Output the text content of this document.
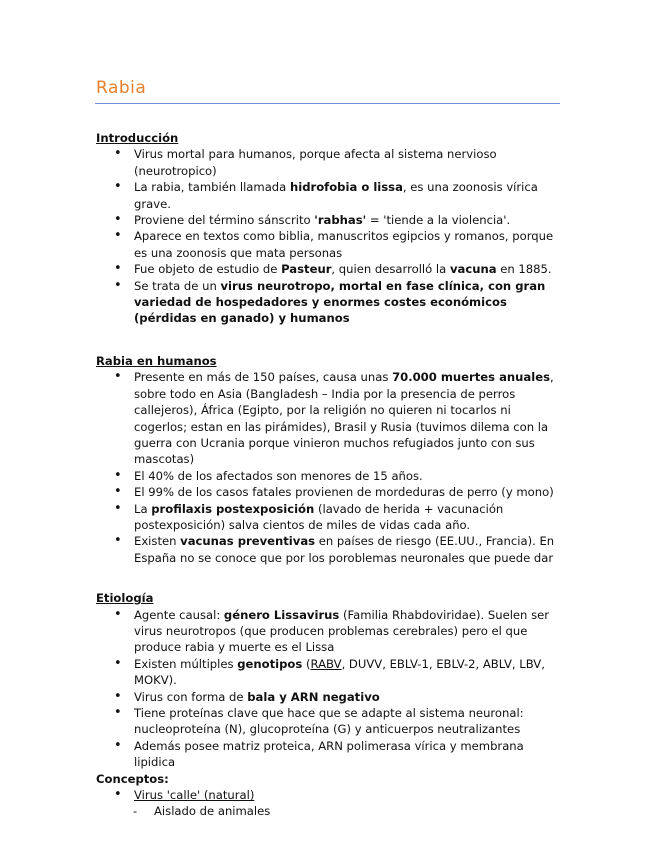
Rabia

Introducción

• Virus mortal para humanos, porque afecta al sistema nervioso (neurotropico)
• La rabia, también llamada hidrofobia o lissa, es una zoonosis vírica grave.
• Proviene del término sánscrito 'rabhas' = 'tiende a la violencia'.
• Aparece en textos como biblia, manuscritos egipcios y romanos, porque es una zoonosis que mata personas
• Fue objeto de estudio de Pasteur, quien desarrolló la vacuna en 1885.
• Se trata de un virus neurotropo, mortal en fase clínica, con gran variedad de hospedadores y enormes costes económicos (pérdidas en ganado) y humanos

Rabia en humanos

• Presente en más de 150 países, causa unas 70.000 muertes anuales, sobre todo en Asia (Bangladesh – India por la presencia de perros callejeros), África (Egipto, por la religión no quieren ni tocarlos ni cogerlos; estan en las pirámides), Brasil y Rusia (tuvimos dilema con la guerra con Ucrania porque vinieron muchos refugiados junto con sus mascotas)
• El 40% de los afectados son menores de 15 años.
• El 99% de los casos fatales provienen de mordeduras de perro (y mono)
• La profilaxis postexposición (lavado de herida + vacunación postexposición) salva cientos de miles de vidas cada año.
• Existen vacunas preventivas en países de riesgo (EE.UU., Francia). En España no se conoce que por los poroblemas neuronales que puede dar

Etiología

• Agente causal: género Lissavirus (Familia Rhabdoviridae). Suelen ser virus neurotropos (que producen problemas cerebrales) pero el que produce rabia y muerte es el Lissa
• Existen múltiples genotipos (RABV, DUVV, EBLV-1, EBLV-2, ABLV, LBV, MOKV).
• Virus con forma de bala y ARN negativo
• Tiene proteínas clave que hace que se adapte al sistema neuronal: nucleoproteína (N), glucoproteína (G) y anticuerpos neutralizantes
• Además posee matriz proteica, ARN polimerasa vírica y membrana lipidica

Conceptos:

• Virus 'calle' (natural)
- Aislado de animales
